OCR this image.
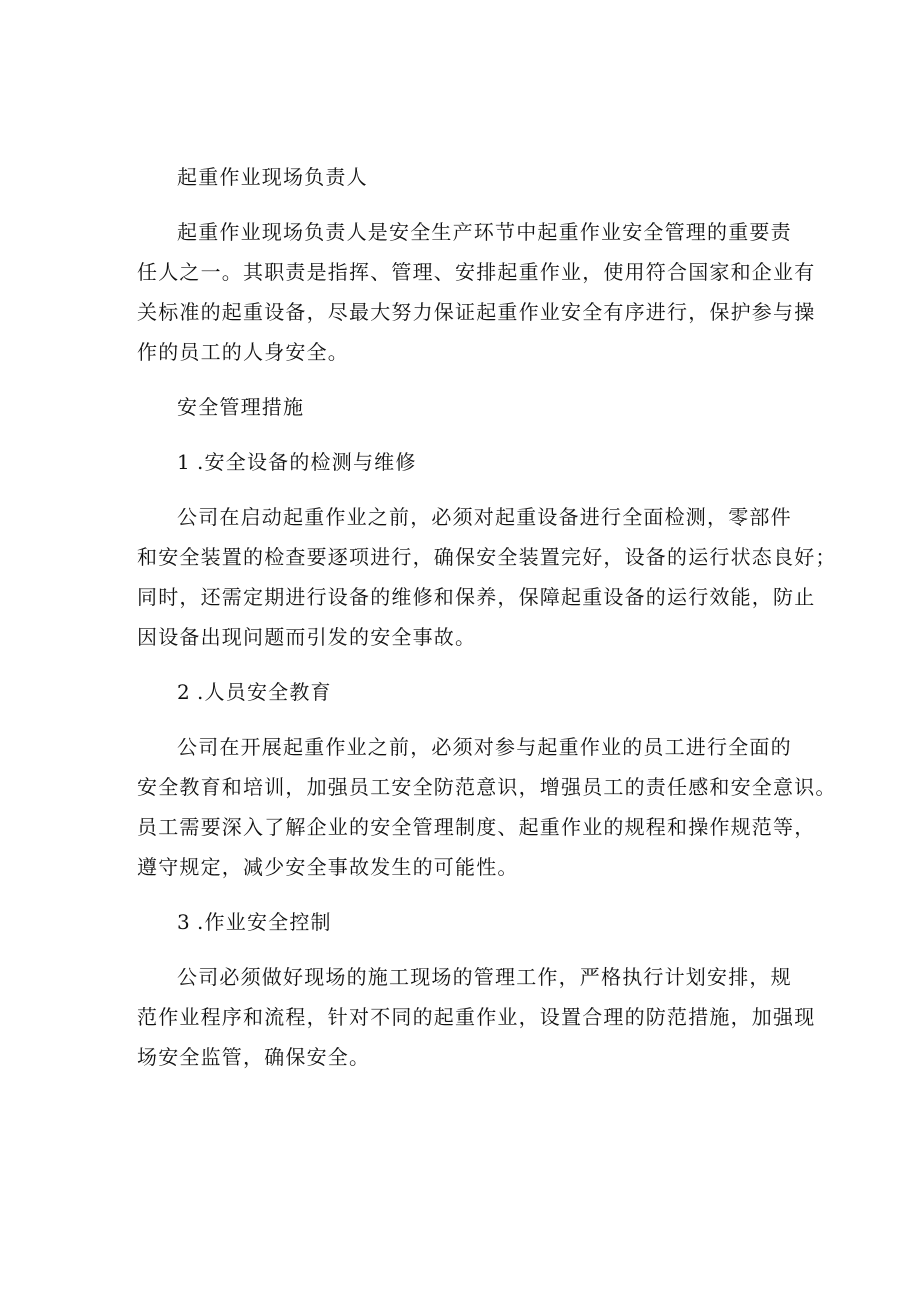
起重作业现场负责人
起重作业现场负责人是安全生产环节中起重作业安全管理的重要责
任人之一。其职责是指挥、管理、安排起重作业，使用符合国家和企业有
关标准的起重设备，尽最大努力保证起重作业安全有序进行，保护参与操
作的员工的人身安全。
安全管理措施
1 .安全设备的检测与维修
公司在启动起重作业之前，必须对起重设备进行全面检测，零部件
和安全装置的检查要逐项进行，确保安全装置完好，设备的运行状态良好；
同时，还需定期进行设备的维修和保养，保障起重设备的运行效能，防止
因设备出现问题而引发的安全事故。
2 .人员安全教育
公司在开展起重作业之前，必须对参与起重作业的员工进行全面的
安全教育和培训，加强员工安全防范意识，增强员工的责任感和安全意识。
员工需要深入了解企业的安全管理制度、起重作业的规程和操作规范等，
遵守规定，减少安全事故发生的可能性。
3 .作业安全控制
公司必须做好现场的施工现场的管理工作，严格执行计划安排，规
范作业程序和流程，针对不同的起重作业，设置合理的防范措施，加强现
场安全监管，确保安全。
